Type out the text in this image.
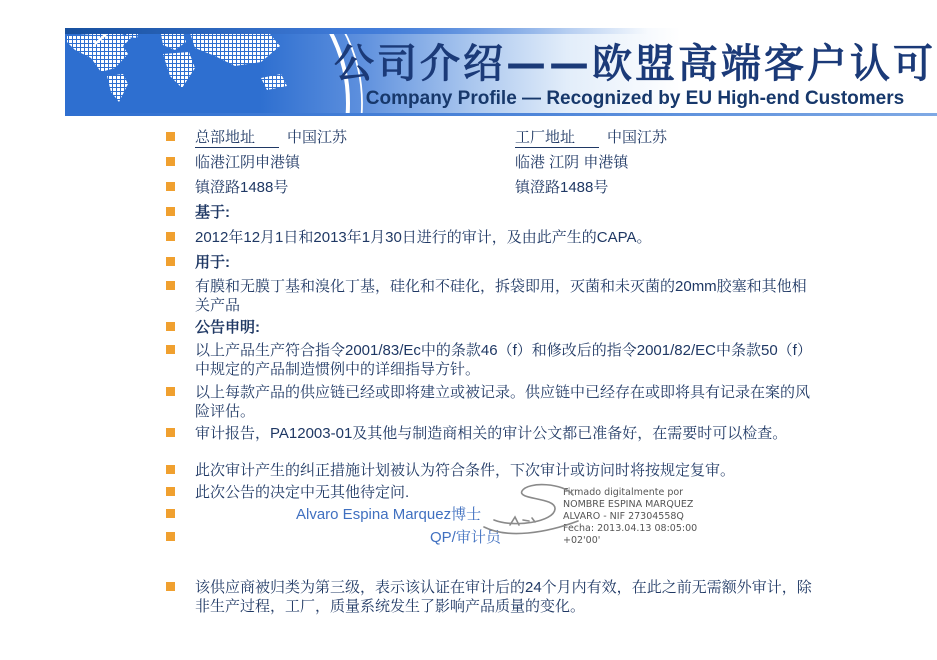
公司介绍——欧盟高端客户认可
Company Profile — Recognized by EU High-end Customers
总部地址 中国江苏	工厂地址 中国江苏
临港江阴申港镇	临港 江阴 申港镇
镇澄路1488号	镇澄路1488号
基于:
2012年12月1日和2013年1月30日进行的审计，及由此产生的CAPA。
用于:
有膜和无膜丁基和溴化丁基，硅化和不硅化，拆袋即用，灭菌和未灭菌的20mm胶塞和其他相关产品
公告申明:
以上产品生产符合指令2001/83/Ec中的条款46（f）和修改后的指令2001/82/EC中条款50（f）中规定的产品制造惯例中的详细指导方针。
以上每款产品的供应链已经或即将建立或被记录。供应链中已经存在或即将具有记录在案的风险评估。
审计报告，PA12003-01及其他与制造商相关的审计公文都已准备好，在需要时可以检查。
此次审计产生的纠正措施计划被认为符合条件，下次审计或访问时将按规定复审。
此次公告的决定中无其他待定问.
Alvaro Espina Marquez博士
QP/审计员
该供应商被归类为第三级，表示该认证在审计后的24个月内有效，在此之前无需额外审计，除非生产过程，工厂，质量系统发生了影响产品质量的变化。
Firmado digitalmente por
NOMBRE ESPINA MARQUEZ
ALVARO - NIF 27304558Q
Fecha: 2013.04.13 08:05:00
+02'00'
